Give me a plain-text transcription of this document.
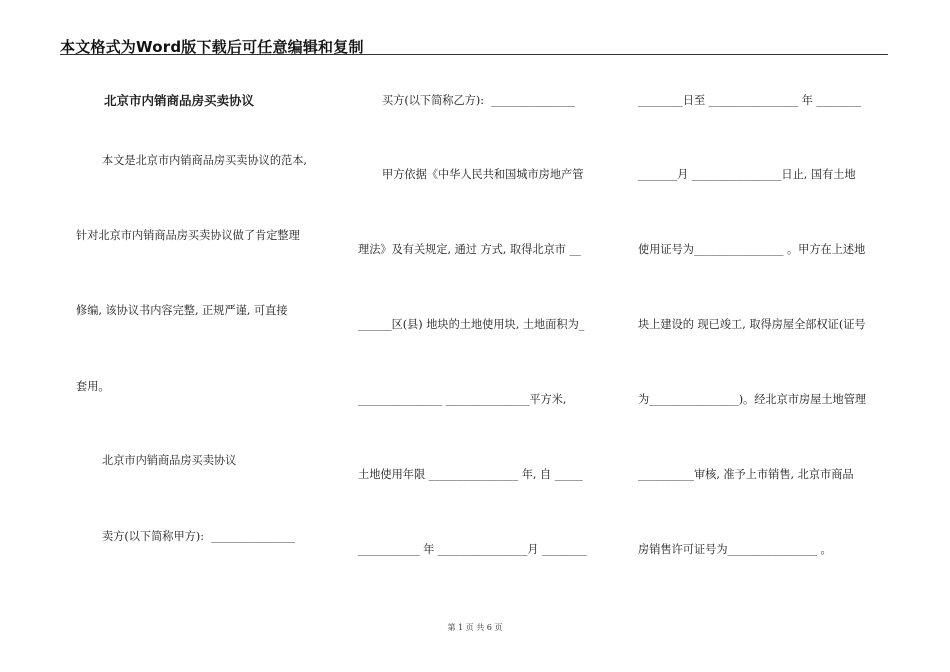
本文格式为Word版下载后可任意编辑和复制
北京市内销商品房买卖协议
本文是北京市内销商品房买卖协议的范本,
针对北京市内销商品房买卖协议做了肯定整理
修编, 该协议书内容完整, 正规严谨, 可直接
套用。
北京市内销商品房买卖协议
卖方(以下简称甲方):  _______________
买方(以下简称乙方):  _______________
甲方依据《中华人民共和国城市房地产管
理法》及有关规定, 通过 方式, 取得北京市 __
______区(县) 地块的土地使用块, 土地面积为_
_______________ _______________平方米,
土地使用年限 ________________ 年, 自 _____
___________ 年 ________________月 ________
________日至 ________________ 年 ________
_______月 ________________日止, 国有土地
使用证号为________________ 。甲方在上述地
块上建设的 现已竣工, 取得房屋全部权证(证号
为________________)。经北京市房屋土地管理
__________审核, 准予上市销售, 北京市商品
房销售许可证号为________________ 。
第 1 页 共 6 页
